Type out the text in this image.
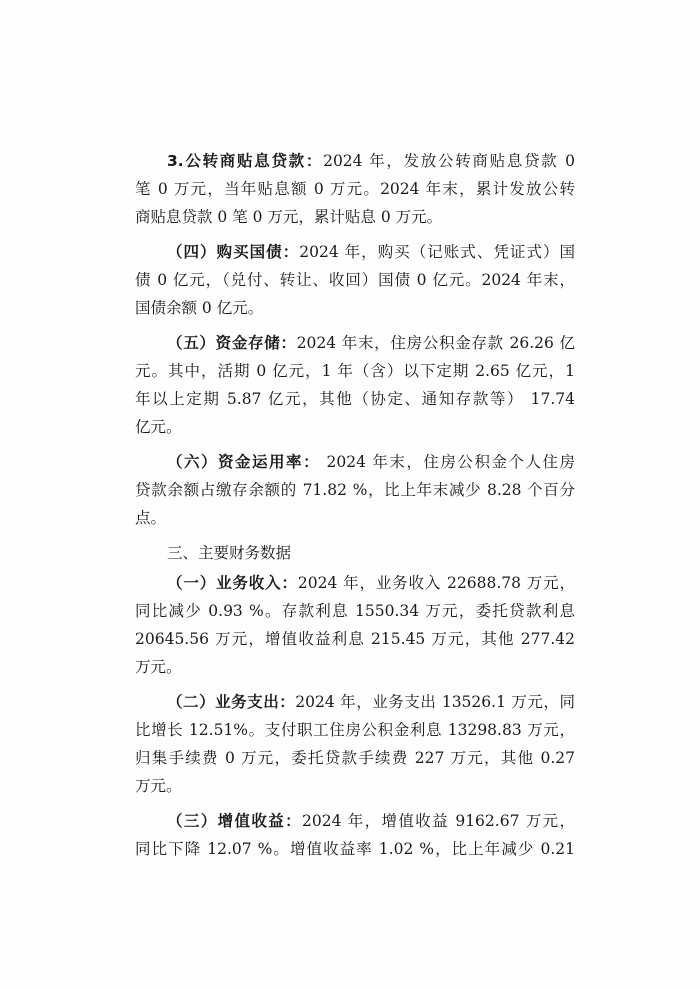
3.公转商贴息贷款：2024 年，发放公转商贴息贷款 0
笔 0 万元，当年贴息额 0 万元。2024 年末，累计发放公转
商贴息贷款 0 笔 0 万元，累计贴息 0 万元。
（四）购买国债：2024 年，购买（记账式、凭证式）国
债 0 亿元，（兑付、转让、收回）国债 0 亿元。2024 年末，
国债余额 0 亿元。
（五）资金存储：2024 年末，住房公积金存款 26.26 亿
元。其中，活期 0 亿元，1 年（含）以下定期 2.65 亿元，1
年以上定期 5.87 亿元，其他（协定、通知存款等） 17.74
亿元。
（六）资金运用率： 2024 年末，住房公积金个人住房
贷款余额占缴存余额的 71.82 %，比上年末减少 8.28 个百分
点。
三、主要财务数据
（一）业务收入：2024 年，业务收入 22688.78 万元，
同比减少 0.93 %。存款利息 1550.34 万元，委托贷款利息
20645.56 万元，增值收益利息 215.45 万元，其他 277.42
万元。
（二）业务支出：2024 年，业务支出 13526.1 万元，同
比增长 12.51%。支付职工住房公积金利息 13298.83 万元，
归集手续费 0 万元，委托贷款手续费 227 万元，其他 0.27
万元。
（三）增值收益：2024 年，增值收益 9162.67 万元，
同比下降 12.07 %。增值收益率 1.02 %，比上年减少 0.21
